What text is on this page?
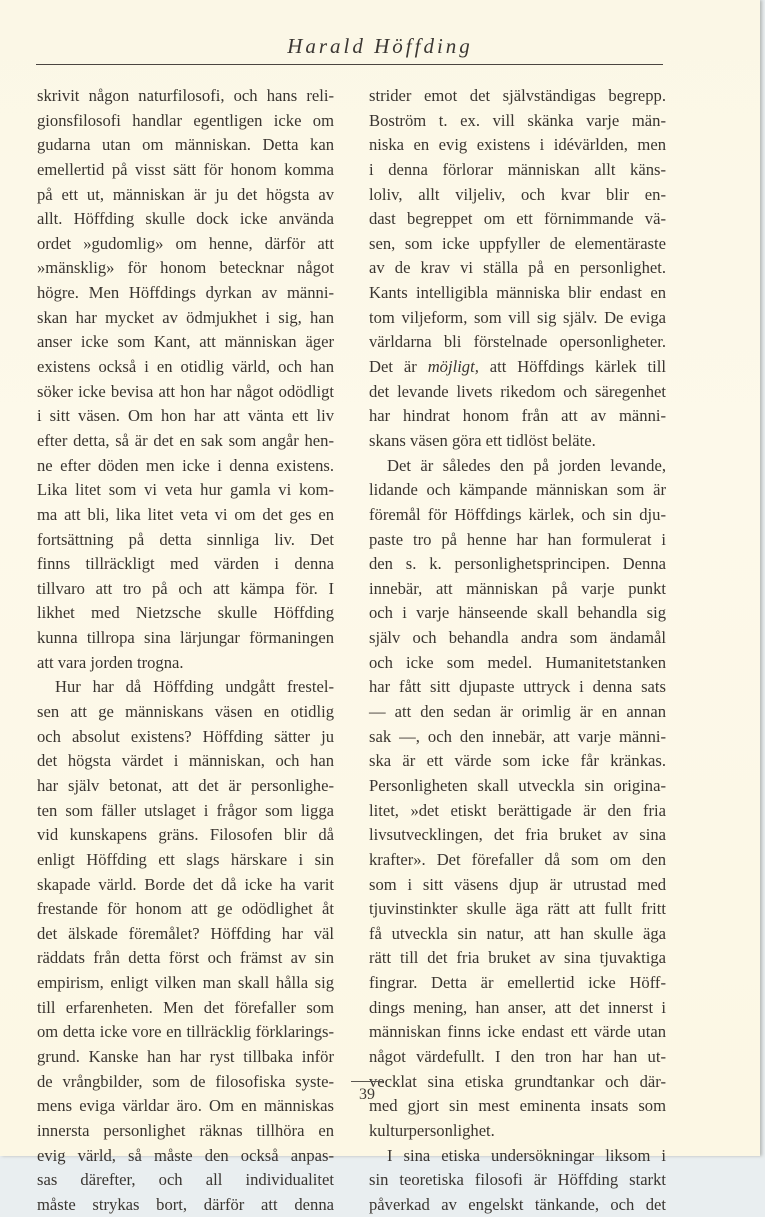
Harald Höffding
skrivit någon naturfilosofi, och hans reli-
gionsfilosofi handlar egentligen icke om
gudarna utan om människan. Detta kan
emellertid på visst sätt för honom komma
på ett ut, människan är ju det högsta av
allt. Höffding skulle dock icke använda
ordet »gudomlig» om henne, därför att
»mänsklig» för honom betecknar något
högre. Men Höffdings dyrkan av männi-
skan har mycket av ödmjukhet i sig, han
anser icke som Kant, att människan äger
existens också i en otidlig värld, och han
söker icke bevisa att hon har något odödligt
i sitt väsen. Om hon har att vänta ett liv
efter detta, så är det en sak som angår hen-
ne efter döden men icke i denna existens.
Lika litet som vi veta hur gamla vi kom-
ma att bli, lika litet veta vi om det ges en
fortsättning på detta sinnliga liv. Det
finns tillräckligt med värden i denna
tillvaro att tro på och att kämpa för. I
likhet med Nietzsche skulle Höffding
kunna tillropa sina lärjungar förmaningen
att vara jorden trogna.
Hur har då Höffding undgått frestel-
sen att ge människans väsen en otidlig
och absolut existens? Höffding sätter ju
det högsta värdet i människan, och han
har själv betonat, att det är personlighe-
ten som fäller utslaget i frågor som ligga
vid kunskapens gräns. Filosofen blir då
enligt Höffding ett slags härskare i sin
skapade värld. Borde det då icke ha varit
frestande för honom att ge odödlighet åt
det älskade föremålet? Höffding har väl
räddats från detta först och främst av sin
empirism, enligt vilken man skall hålla sig
till erfarenheten. Men det förefaller som
om detta icke vore en tillräcklig förklarings-
grund. Kanske han har ryst tillbaka inför
de vrångbilder, som de filosofiska syste-
mens eviga världar äro. Om en människas
innersta personlighet räknas tillhöra en
evig värld, så måste den också anpas-
sas därefter, och all individualitet
måste strykas bort, därför att denna
strider emot det självständigas begrepp.
Boström t. ex. vill skänka varje män-
niska en evig existens i idévärlden, men
i denna förlorar människan allt käns-
loliv, allt viljeliv, och kvar blir en-
dast begreppet om ett förnimmande vä-
sen, som icke uppfyller de elementäraste
av de krav vi ställa på en personlighet.
Kants intelligibla människa blir endast en
tom viljeform, som vill sig själv. De eviga
världarna bli förstelnade opersonligheter.
Det är möjligt, att Höffdings kärlek till
det levande livets rikedom och säregenhet
har hindrat honom från att av männi-
skans väsen göra ett tidlöst beläte.
Det är således den på jorden levande,
lidande och kämpande människan som är
föremål för Höffdings kärlek, och sin dju-
paste tro på henne har han formulerat i
den s. k. personlighetsprincipen. Denna
innebär, att människan på varje punkt
och i varje hänseende skall behandla sig
själv och behandla andra som ändamål
och icke som medel. Humanitetstanken
har fått sitt djupaste uttryck i denna sats
— att den sedan är orimlig är en annan
sak —, och den innebär, att varje männi-
ska är ett värde som icke får kränkas.
Personligheten skall utveckla sin origina-
litet, »det etiskt berättigade är den fria
livsutvecklingen, det fria bruket av sina
krafter». Det förefaller då som om den
som i sitt väsens djup är utrustad med
tjuvinstinkter skulle äga rätt att fullt fritt
få utveckla sin natur, att han skulle äga
rätt till det fria bruket av sina tjuvaktiga
fingrar. Detta är emellertid icke Höff-
dings mening, han anser, att det innerst i
människan finns icke endast ett värde utan
något värdefullt. I den tron har han ut-
vecklat sina etiska grundtankar och där-
med gjort sin mest eminenta insats som
kulturpersonlighet.
I sina etiska undersökningar liksom i
sin teoretiska filosofi är Höffding starkt
påverkad av engelskt tänkande, och det
39
